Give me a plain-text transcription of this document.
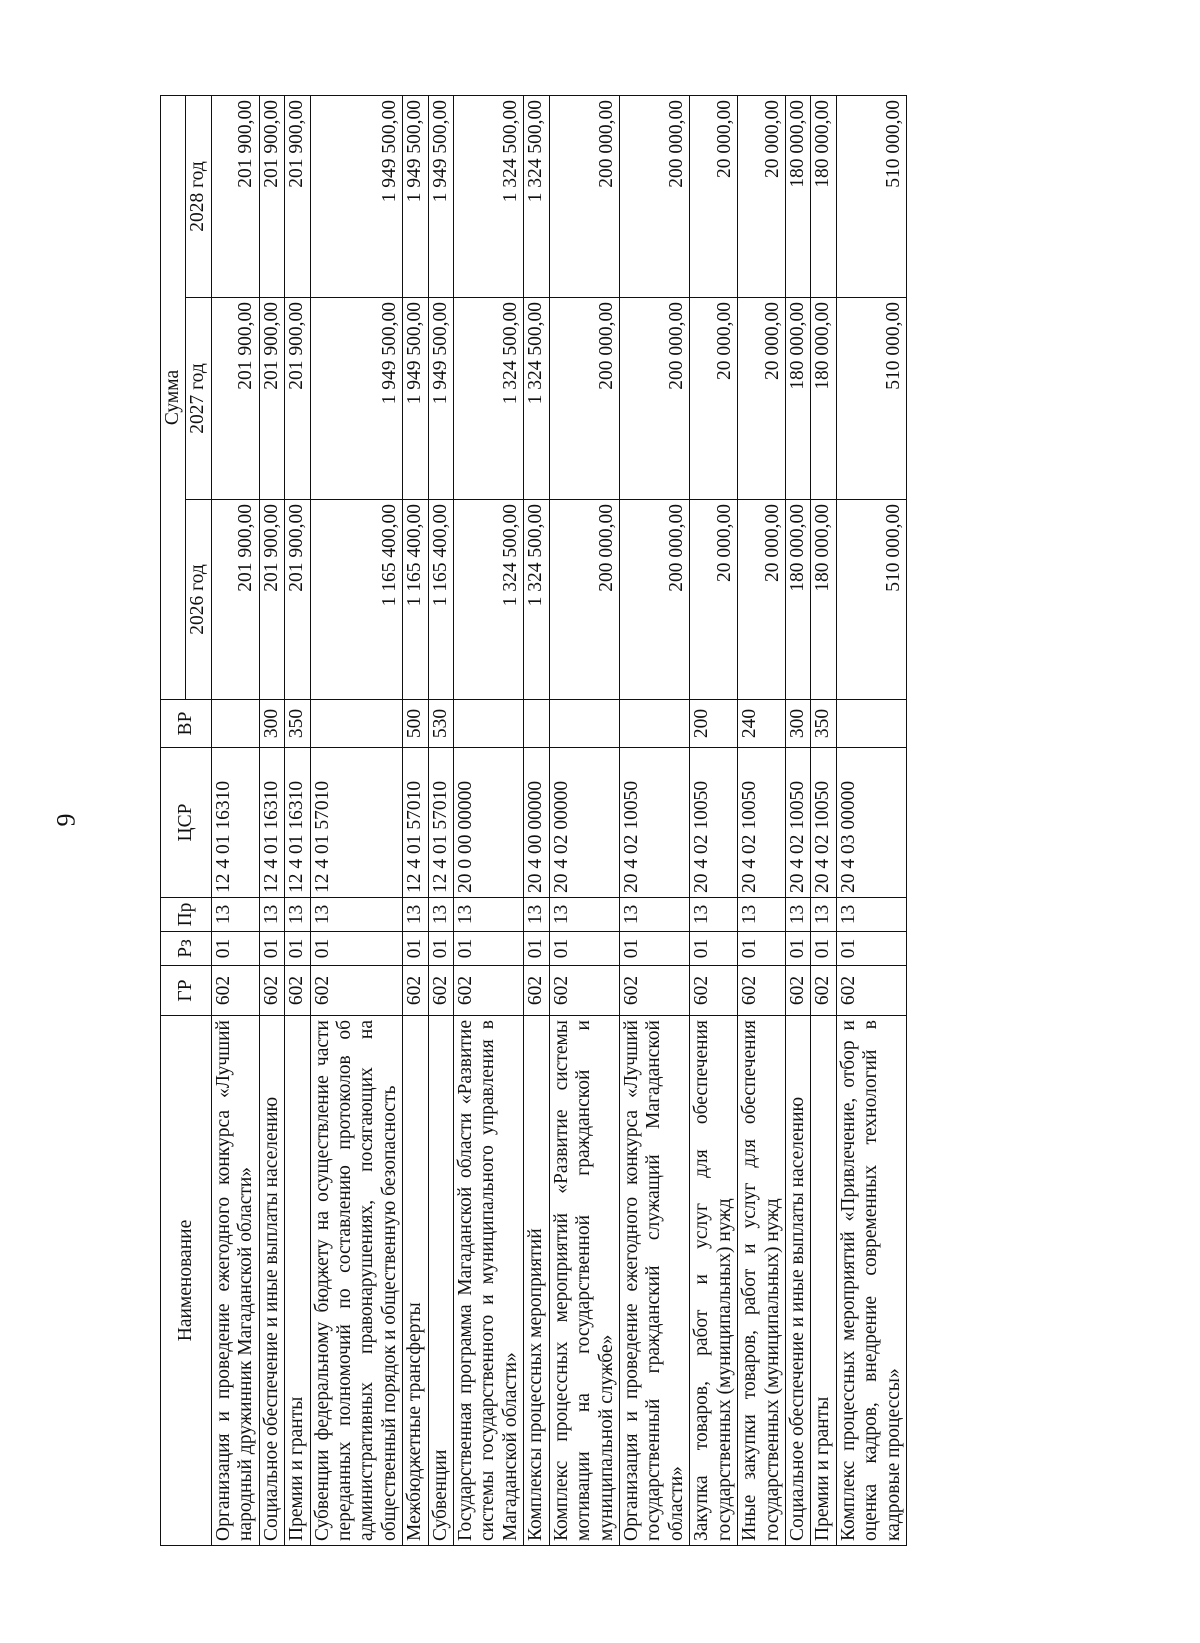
9
Наименование	ГР	Рз	Пр	ЦСР	ВР	Сумма		
						2026 год	2027 год	2028 год
Организация и проведение ежегодного конкурса «Лучший народный дружинник Магаданской области»	602	01	13	12 4 01 16310		201 900,00	201 900,00	201 900,00
Социальное обеспечение и иные выплаты населению	602	01	13	12 4 01 16310	300	201 900,00	201 900,00	201 900,00
Премии и гранты	602	01	13	12 4 01 16310	350	201 900,00	201 900,00	201 900,00
Субвенции федеральному бюджету на осуществление части переданных полномочий по составлению протоколов об административных правонарушениях, посягающих на общественный порядок и общественную безопасность	602	01	13	12 4 01 57010		1 165 400,00	1 949 500,00	1 949 500,00
Межбюджетные трансферты	602	01	13	12 4 01 57010	500	1 165 400,00	1 949 500,00	1 949 500,00
Субвенции	602	01	13	12 4 01 57010	530	1 165 400,00	1 949 500,00	1 949 500,00
Государственная программа Магаданской области «Развитие системы государственного и муниципального управления в Магаданской области»	602	01	13	20 0 00 00000		1 324 500,00	1 324 500,00	1 324 500,00
Комплексы процессных мероприятий	602	01	13	20 4 00 00000		1 324 500,00	1 324 500,00	1 324 500,00
Комплекс процессных мероприятий «Развитие системы мотивации на государственной гражданской и муниципальной службе»	602	01	13	20 4 02 00000		200 000,00	200 000,00	200 000,00
Организация и проведение ежегодного конкурса «Лучший государственный гражданский служащий Магаданской области»	602	01	13	20 4 02 10050		200 000,00	200 000,00	200 000,00
Закупка товаров, работ и услуг для обеспечения государственных (муниципальных) нужд	602	01	13	20 4 02 10050	200	20 000,00	20 000,00	20 000,00
Иные закупки товаров, работ и услуг для обеспечения государственных (муниципальных) нужд	602	01	13	20 4 02 10050	240	20 000,00	20 000,00	20 000,00
Социальное обеспечение и иные выплаты населению	602	01	13	20 4 02 10050	300	180 000,00	180 000,00	180 000,00
Премии и гранты	602	01	13	20 4 02 10050	350	180 000,00	180 000,00	180 000,00
Комплекс процессных мероприятий «Привлечение, отбор и оценка кадров, внедрение современных технологий в кадровые процессы»	602	01	13	20 4 03 00000		510 000,00	510 000,00	510 000,00
